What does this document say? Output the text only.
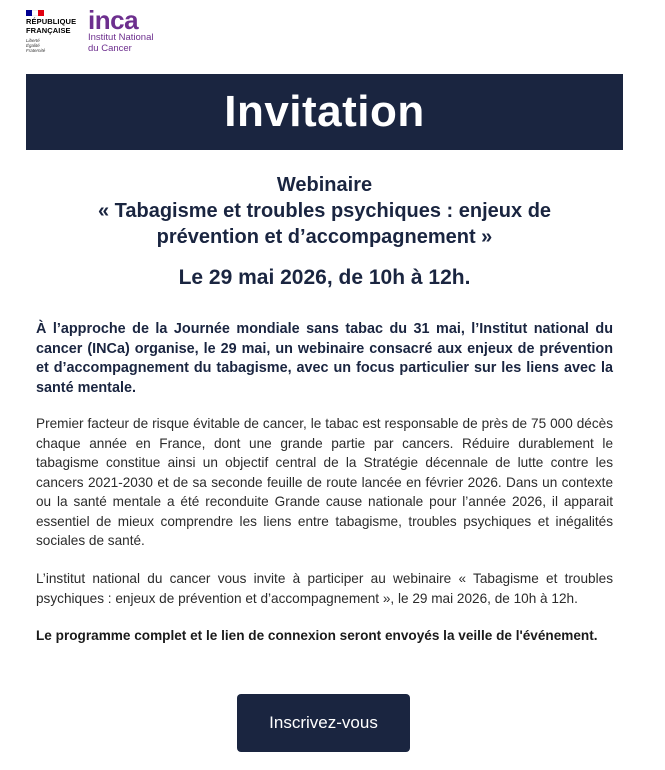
RÉPUBLIQUE
FRANÇAISE
Liberté
Égalité
Fraternité
inca
Institut National
du Cancer
Invitation
Webinaire
« Tabagisme et troubles psychiques : enjeux de
prévention et d’accompagnement »
Le 29 mai 2026, de 10h à 12h.

À l’approche de la Journée mondiale sans tabac du 31 mai, l’Institut national du cancer (INCa) organise, le 29 mai, un webinaire consacré aux enjeux de prévention et d’accompagnement du tabagisme, avec un focus particulier sur les liens avec la santé mentale.

Premier facteur de risque évitable de cancer, le tabac est responsable de près de 75 000 décès chaque année en France, dont une grande partie par cancers. Réduire durablement le tabagisme constitue ainsi un objectif central de la Stratégie décennale de lutte contre les cancers 2021-2030 et de sa seconde feuille de route lancée en février 2026. Dans un contexte ou la santé mentale a été reconduite Grande cause nationale pour l’année 2026, il apparait essentiel de mieux comprendre les liens entre tabagisme, troubles psychiques et inégalités sociales de santé.

L’institut national du cancer vous invite à participer au webinaire « Tabagisme et troubles psychiques : enjeux de prévention et d’accompagnement », le 29 mai 2026, de 10h à 12h.

Le programme complet et le lien de connexion seront envoyés la veille de l'événement.

Inscrivez-vous
